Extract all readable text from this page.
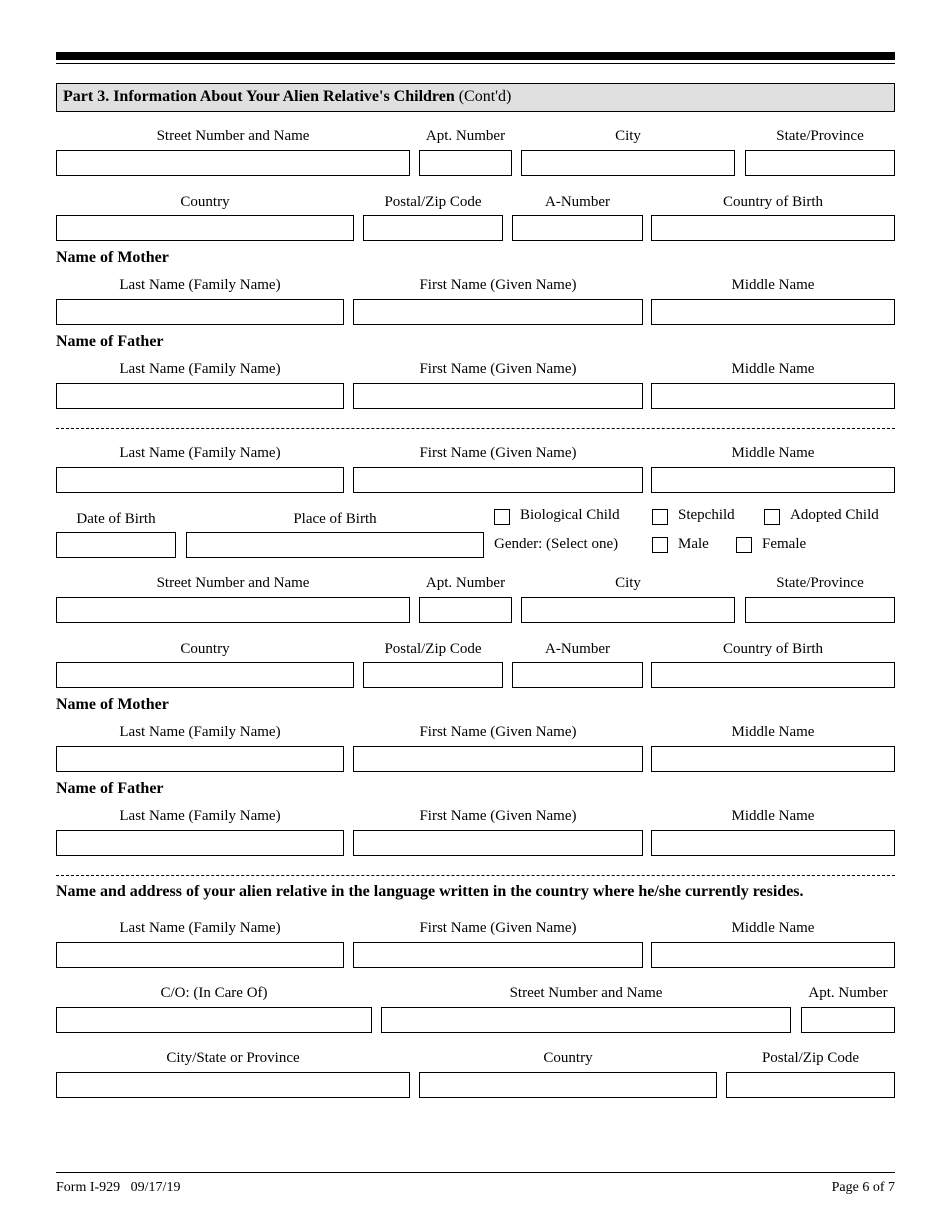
Part 3. Information About Your Alien Relative's Children (Cont'd)
Street Number and Name	Apt. Number	City	State/Province
Country	Postal/Zip Code	A-Number	Country of Birth
Name of Mother
Last Name (Family Name)	First Name (Given Name)	Middle Name
Name of Father
Last Name (Family Name)	First Name (Given Name)	Middle Name
Last Name (Family Name)	First Name (Given Name)	Middle Name
Date of Birth	Place of Birth	Biological Child	Stepchild	Adopted Child
Gender: (Select one)	Male	Female
Street Number and Name	Apt. Number	City	State/Province
Country	Postal/Zip Code	A-Number	Country of Birth
Name of Mother
Last Name (Family Name)	First Name (Given Name)	Middle Name
Name of Father
Last Name (Family Name)	First Name (Given Name)	Middle Name
Name and address of your alien relative in the language written in the country where he/she currently resides.
Last Name (Family Name)	First Name (Given Name)	Middle Name
C/O: (In Care Of)	Street Number and Name	Apt. Number
City/State or Province	Country	Postal/Zip Code
Form I-929   09/17/19	Page 6 of 7
